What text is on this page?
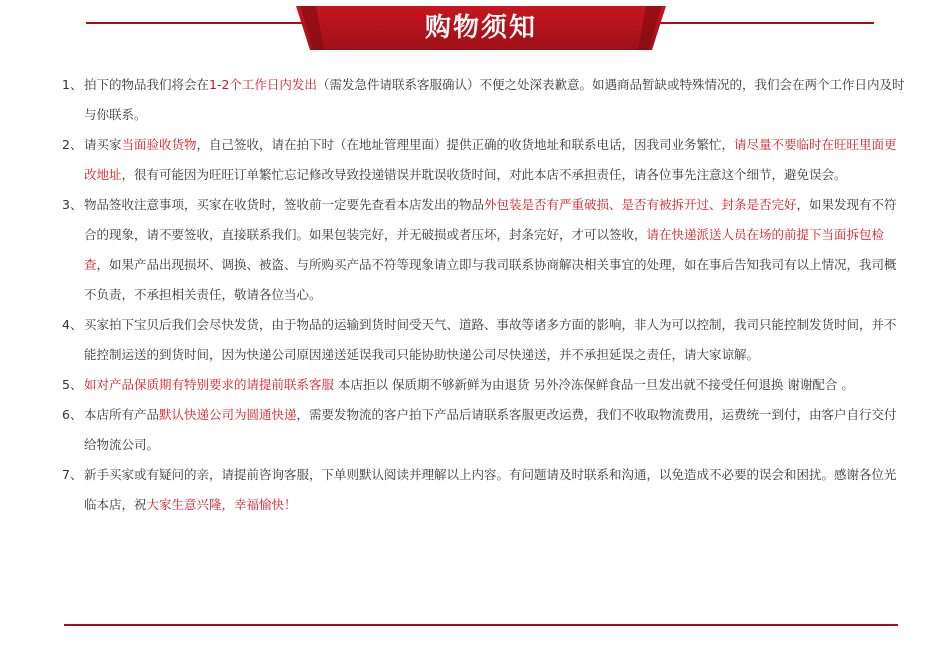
购物须知
1、 拍下的物品我们将会在1-2个工作日内发出（需发急件请联系客服确认）不便之处深表歉意。如遇商品暂缺或特殊情况的，我们会在两个工作日内及时与你联系。
2、 请买家当面验收货物，自己签收，请在拍下时（在地址管理里面）提供正确的收货地址和联系电话，因我司业务繁忙，请尽量不要临时在旺旺里面更改地址，很有可能因为旺旺订单繁忙忘记修改导致投递错误并耽误收货时间，对此本店不承担责任，请各位事先注意这个细节，避免误会。
3、 物品签收注意事项，买家在收货时，签收前一定要先查看本店发出的物品外包装是否有严重破损、是否有被拆开过、封条是否完好，如果发现有不符合的现象，请不要签收，直接联系我们。如果包装完好，并无破损或者压坏，封条完好，才可以签收，请在快递派送人员在场的前提下当面拆包检查，如果产品出现损坏、调换、被盗、与所购买产品不符等现象请立即与我司联系协商解决相关事宜的处理，如在事后告知我司有以上情况，我司概不负责，不承担相关责任，敬请各位当心。
4、 买家拍下宝贝后我们会尽快发货，由于物品的运输到货时间受天气、道路、事故等诸多方面的影响，非人为可以控制，我司只能控制发货时间，并不能控制运送的到货时间，因为快递公司原因递送延误我司只能协助快递公司尽快递送，并不承担延误之责任，请大家谅解。
5、 如对产品保质期有特别要求的请提前联系客服 本店拒以 保质期不够新鲜为由退货 另外冷冻保鲜食品一旦发出就不接受任何退换 谢谢配合 。
6、 本店所有产品默认快递公司为圆通快递，需要发物流的客户拍下产品后请联系客服更改运费，我们不收取物流费用，运费统一到付，由客户自行交付给物流公司。
7、 新手买家或有疑问的亲，请提前咨询客服，下单则默认阅读并理解以上内容。有问题请及时联系和沟通，以免造成不必要的误会和困扰。感谢各位光临本店，祝大家生意兴隆，幸福愉快！
